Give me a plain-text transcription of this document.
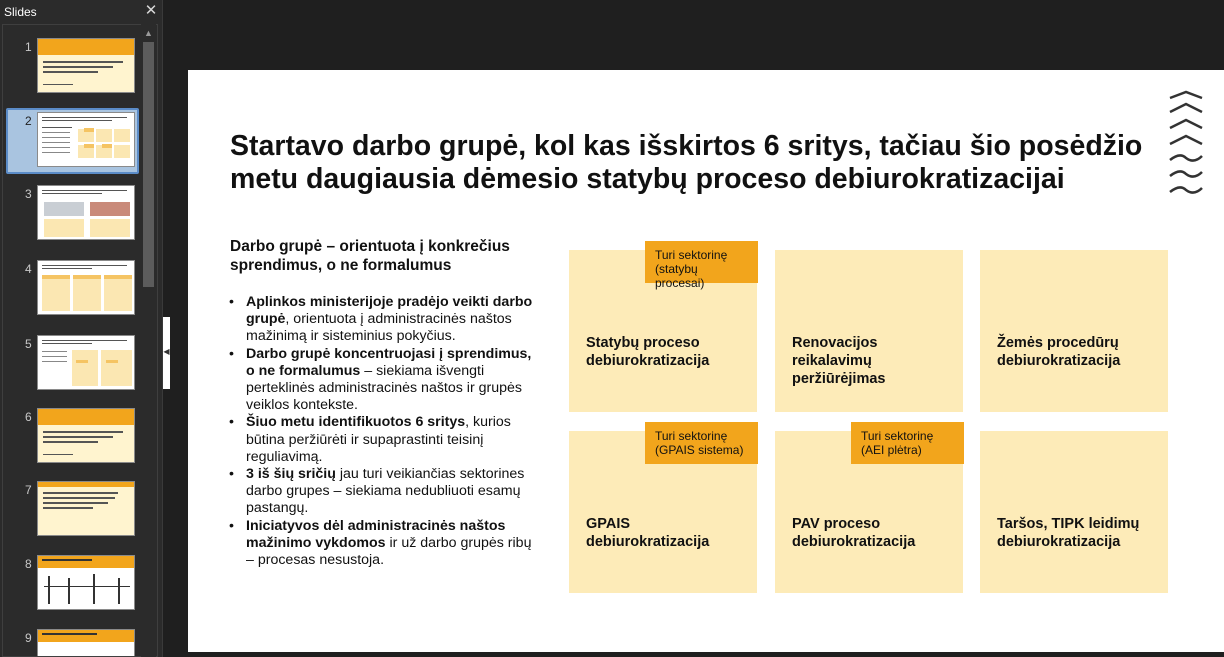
Slides	✕
1
2
3
4
5
6
7
8
9
▲
◀
Startavo darbo grupė, kol kas išskirtos 6 sritys, tačiau šio posėdžio
metu daugiausia dėmesio statybų proceso debiurokratizacijai
Darbo grupė – orientuota į konkrečius
sprendimus, o ne formalumus
• Aplinkos ministerijoje pradėjo veikti darbo grupė, orientuota į administracinės naštos mažinimą ir sisteminius pokyčius.
• Darbo grupė koncentruojasi į sprendimus, o ne formalumus – siekiama išvengti perteklinės administracinės naštos ir grupės veiklos kontekste.
• Šiuo metu identifikuotos 6 sritys, kurios būtina peržiūrėti ir supaprastinti teisinį reguliavimą.
• 3 iš šių sričių jau turi veikiančias sektorines darbo grupes – siekiama nedubliuoti esamų pastangų.
• Iniciatyvos dėl administracinės naštos mažinimo vykdomos ir už darbo grupės ribų – procesas nesustoja.
Statybų proceso
debiurokratizacija
Turi sektorinę
(statybų procesai)
Renovacijos
reikalavimų
peržiūrėjimas
Žemės procedūrų
debiurokratizacija
GPAIS
debiurokratizacija
Turi sektorinę
(GPAIS sistema)
PAV proceso
debiurokratizacija
Turi sektorinę
(AEI plėtra)
Taršos, TIPK leidimų
debiurokratizacija
